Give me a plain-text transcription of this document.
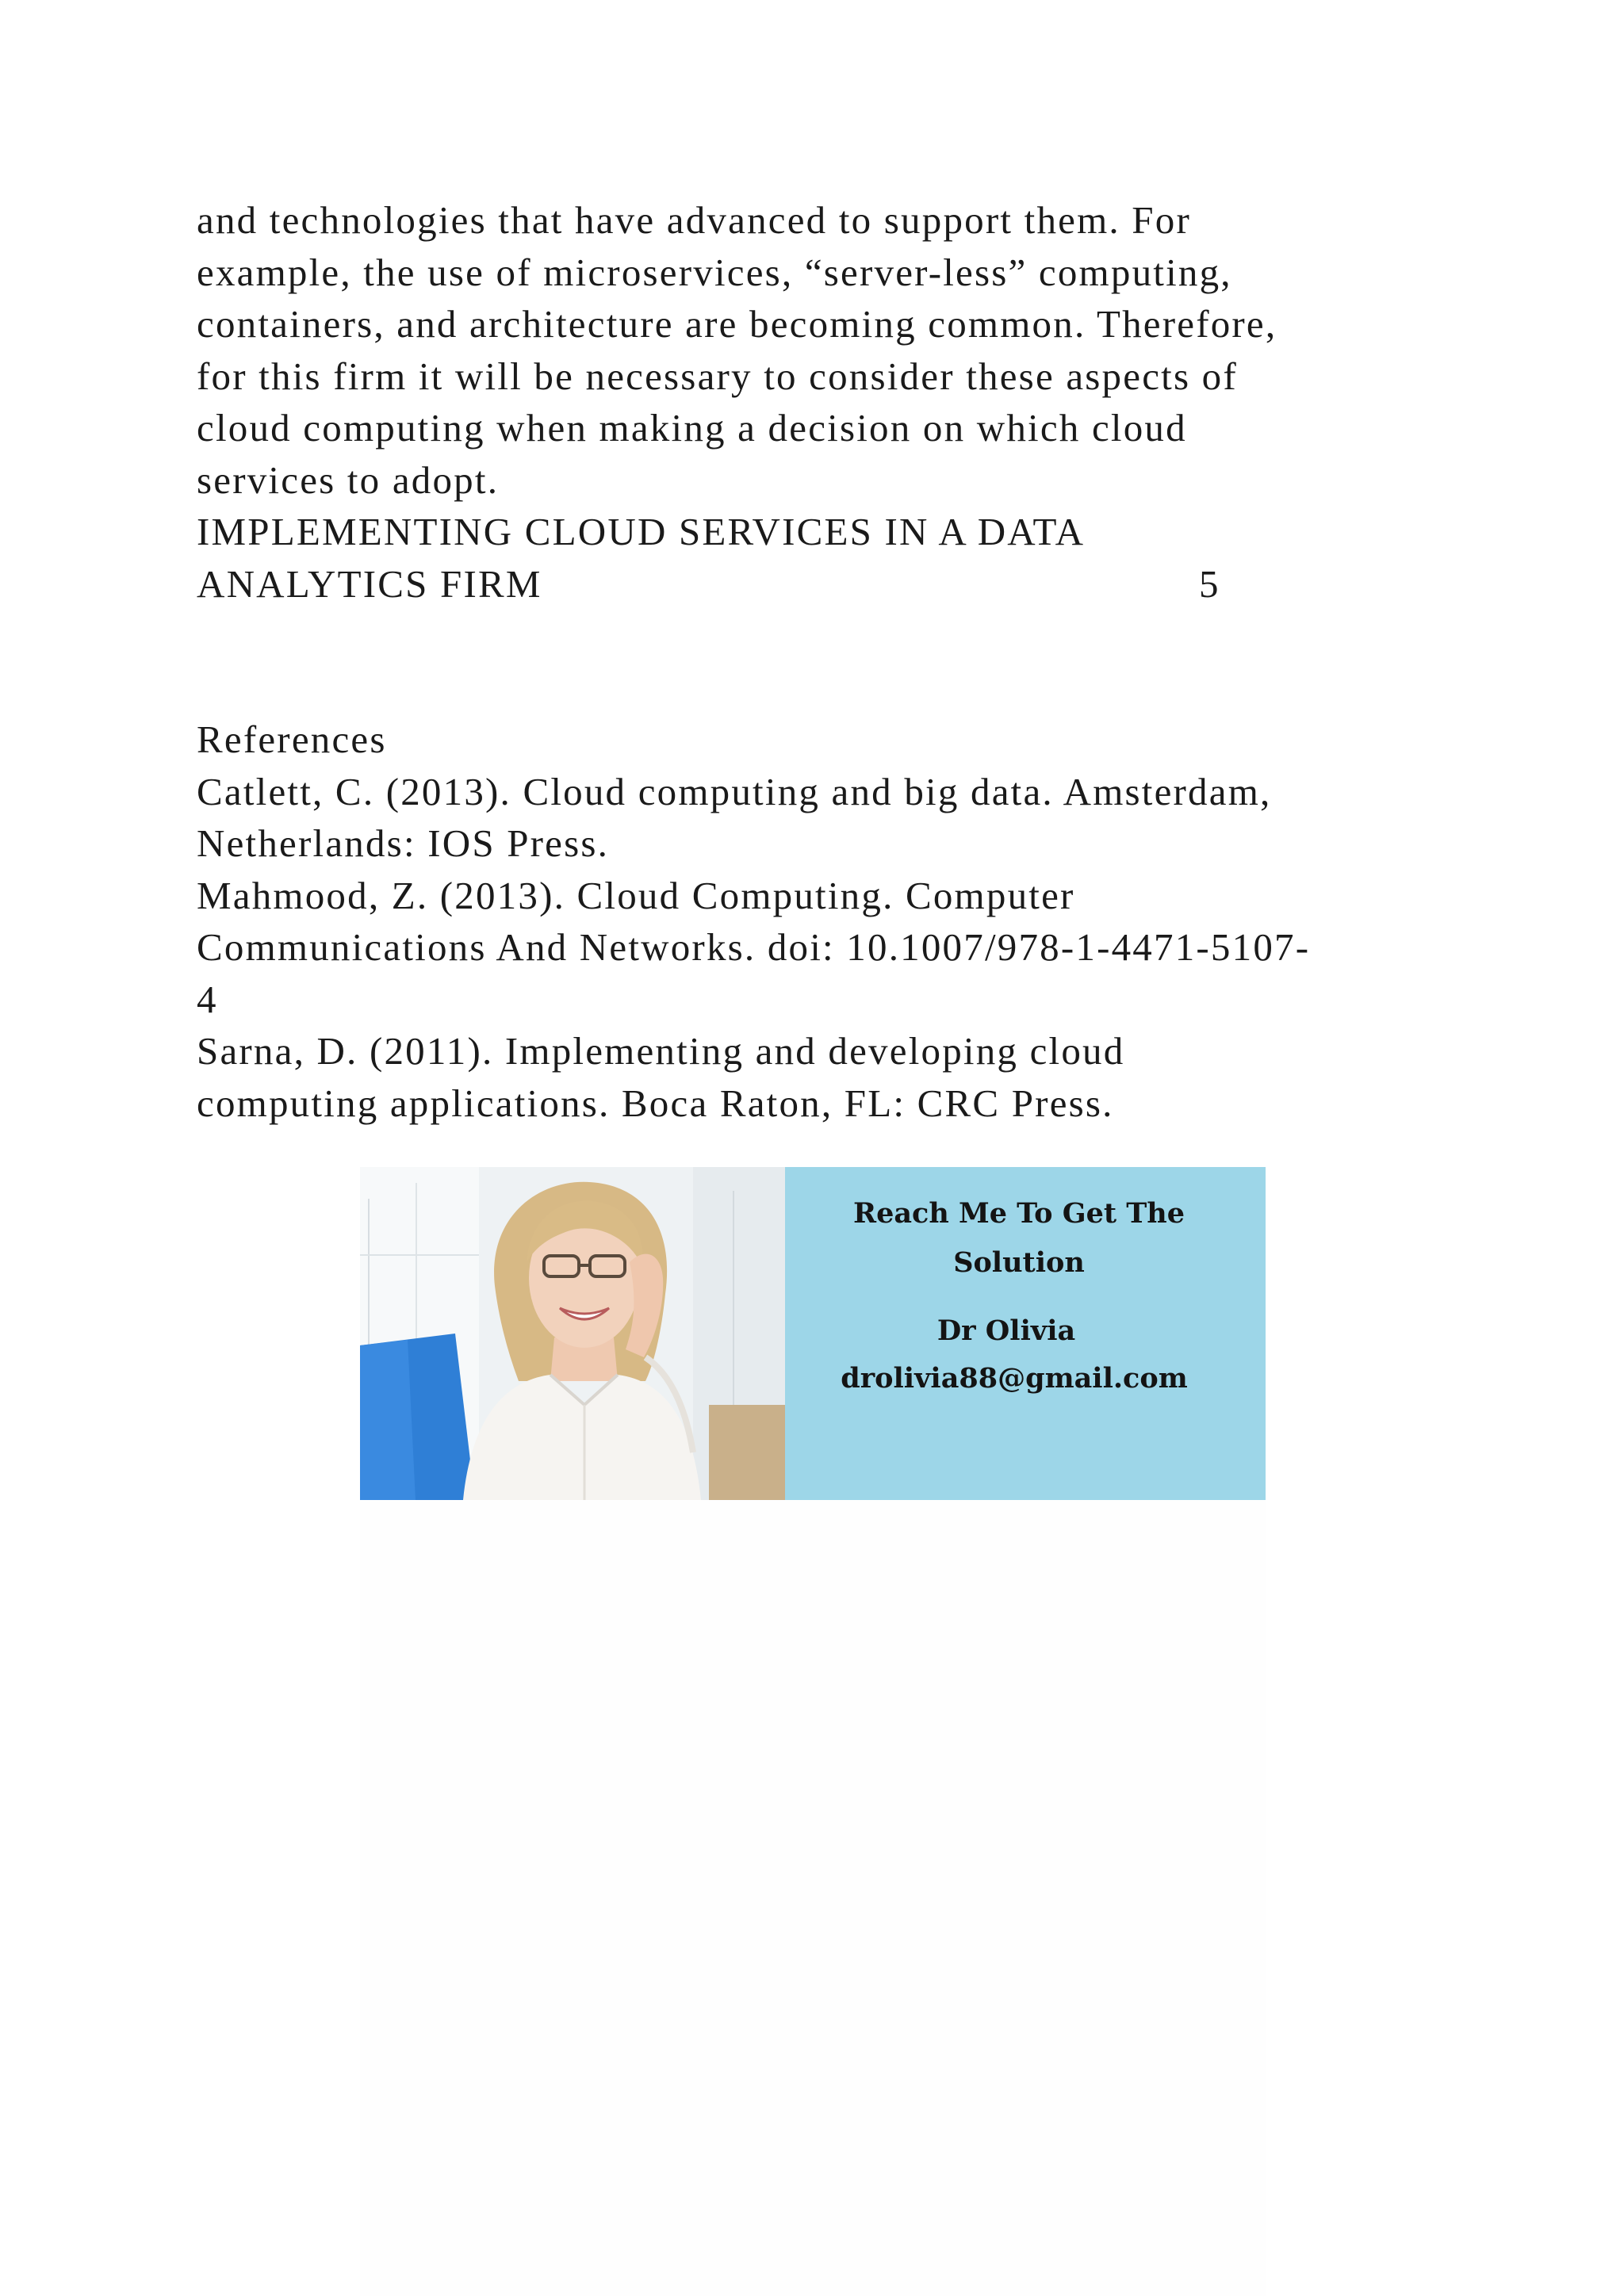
and technologies that have advanced to support them. For
example, the use of microservices, “server-less” computing,
containers, and architecture are becoming common. Therefore,
for this firm it will be necessary to consider these aspects of
cloud computing when making a decision on which cloud
services to adopt.
IMPLEMENTING CLOUD SERVICES IN A DATA
ANALYTICS FIRM	5
References
Catlett, C. (2013). Cloud computing and big data. Amsterdam,
Netherlands: IOS Press.
Mahmood, Z. (2013). Cloud Computing. Computer
Communications And Networks. doi: 10.1007/978-1-4471-5107-
4
Sarna, D. (2011). Implementing and developing cloud
computing applications. Boca Raton, FL: CRC Press.
Reach Me To Get The
Solution
Dr Olivia
drolivia88@gmail.com
